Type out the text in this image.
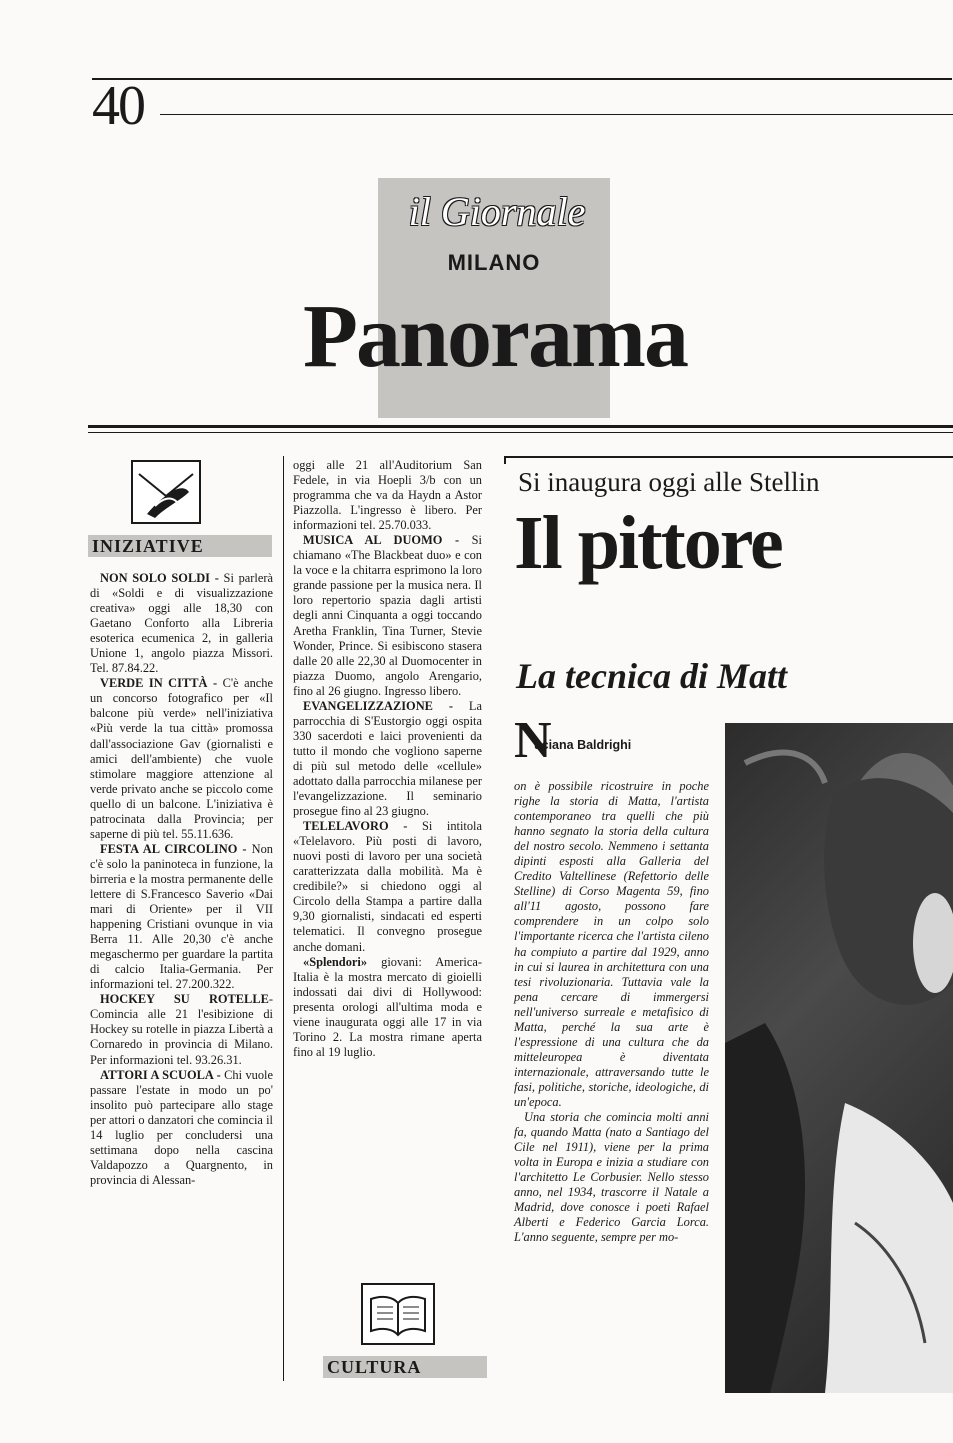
40
il Giornale
MILANO
Panorama
INIZIATIVE

NON SOLO SOLDI - Si parlerà di «Soldi e di visualizzazione creativa» oggi alle 18,30 con Gaetano Conforto alla Libreria esoterica ecumenica 2, in galleria Unione 1, angolo piazza Missori. Tel. 87.84.22.

VERDE IN CITTÀ - C'è anche un concorso fotografico per «Il balcone più verde» nell'iniziativa «Più verde la tua città» promossa dall'associazione Gav (giornalisti e amici dell'ambiente) che vuole stimolare maggiore attenzione al verde privato anche se piccolo come quello di un balcone. L'iniziativa è patrocinata dalla Provincia; per saperne di più tel. 55.11.636.

FESTA AL CIRCOLINO - Non c'è solo la paninoteca in funzione, la birreria e la mostra permanente delle lettere di S.Francesco Saverio «Dai mari di Oriente» per il VII happening Cristiani ovunque in via Berra 11. Alle 20,30 c'è anche megaschermo per guardare la partita di calcio Italia-Germania. Per informazioni tel. 27.200.322.

HOCKEY SU ROTELLE- Comincia alle 21 l'esibizione di Hockey su rotelle in piazza Libertà a Cornaredo in provincia di Milano. Per informazioni tel. 93.26.31.

ATTORI A SCUOLA - Chi vuole passare l'estate in modo un po' insolito può partecipare allo stage per attori o danzatori che comincia il 14 luglio per concludersi una settimana dopo nella cascina Valdapozzo a Quargnento, in provincia di Alessan-

oggi alle 21 all'Auditorium San Fedele, in via Hoepli 3/b con un programma che va da Haydn a Astor Piazzolla. L'ingresso è libero. Per informazioni tel. 25.70.033.

MUSICA AL DUOMO - Si chiamano «The Blackbeat duo» e con la voce e la chitarra esprimono la loro grande passione per la musica nera. Il loro repertorio spazia dagli artisti degli anni Cinquanta a oggi toccando Aretha Franklin, Tina Turner, Stevie Wonder, Prince. Si esibiscono stasera dalle 20 alle 22,30 al Duomocenter in piazza Duomo, angolo Arengario, fino al 26 giugno. Ingresso libero.

EVANGELIZZAZIONE - La parrocchia di S'Eustorgio oggi ospita 330 sacerdoti e laici provenienti da tutto il mondo che vogliono saperne di più sul metodo delle «cellule» adottato dalla parrocchia milanese per l'evangelizzazione. Il seminario prosegue fino al 23 giugno.

TELELAVORO - Si intitola «Telelavoro. Più posti di lavoro, nuovi posti di lavoro per una società caratterizzata dalla mobilità. Ma è credibile?» si chiedono oggi al Circolo della Stampa a partire dalla 9,30 giornalisti, sindacati ed esperti telematici. Il convegno prosegue anche domani.

«Splendori» giovani: America-Italia è la mostra mercato di gioielli indossati dai divi di Hollywood: presenta orologi all'ultima moda e viene inaugurata oggi alle 17 in via Torino 2. La mostra rimane aperta fino al 19 luglio.

CULTURA
Si inaugura oggi alle Stellin
Il pittore
La tecnica di Matt
N
uciana Baldrighi

on è possibile ricostruire in poche righe la storia di Matta, l'artista contemporaneo tra quelli che più hanno segnato la storia della cultura del nostro secolo. Nemmeno i settanta dipinti esposti alla Galleria del Credito Valtellinese (Refettorio delle Stelline) di Corso Magenta 59, fino all'11 agosto, possono fare comprendere in un colpo solo l'importante ricerca che l'artista cileno ha compiuto a partire dal 1929, anno in cui si laurea in architettura con una tesi rivoluzionaria. Tuttavia vale la pena cercare di immergersi nell'universo surreale e metafisico di Matta, perché la sua arte è l'espressione di una cultura che da mitteleuropea è diventata internazionale, attraversando tutte le fasi, politiche, storiche, ideologiche, di un'epoca.

Una storia che comincia molti anni fa, quando Matta (nato a Santiago del Cile nel 1911), viene per la prima volta in Europa e inizia a studiare con l'architetto Le Corbusier. Nello stesso anno, nel 1934, trascorre il Natale a Madrid, dove conosce i poeti Rafael Alberti e Federico Garcia Lorca. L'anno seguente, sempre per mo-
